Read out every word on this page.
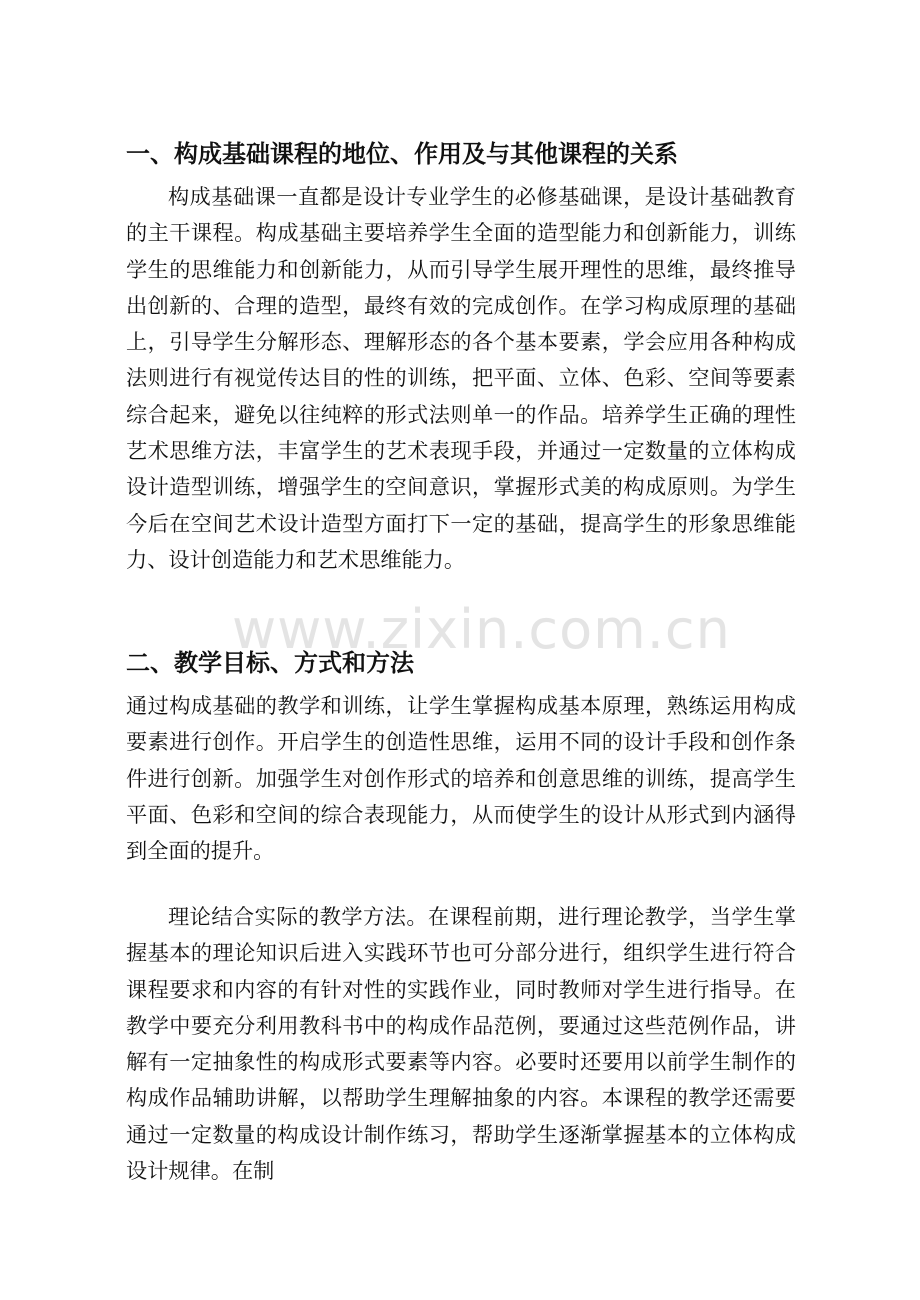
www.zixin.com.cn
一、构成基础课程的地位、作用及与其他课程的关系

构成基础课一直都是设计专业学生的必修基础课，是设计基础教育的主干课程。构成基础主要培养学生全面的造型能力和创新能力，训练学生的思维能力和创新能力，从而引导学生展开理性的思维，最终推导出创新的、合理的造型，最终有效的完成创作。在学习构成原理的基础上，引导学生分解形态、理解形态的各个基本要素，学会应用各种构成法则进行有视觉传达目的性的训练，把平面、立体、色彩、空间等要素综合起来，避免以往纯粹的形式法则单一的作品。培养学生正确的理性艺术思维方法，丰富学生的艺术表现手段，并通过一定数量的立体构成设计造型训练，增强学生的空间意识，掌握形式美的构成原则。为学生今后在空间艺术设计造型方面打下一定的基础，提高学生的形象思维能力、设计创造能力和艺术思维能力。

二、教学目标、方式和方法

通过构成基础的教学和训练，让学生掌握构成基本原理，熟练运用构成要素进行创作。开启学生的创造性思维，运用不同的设计手段和创作条件进行创新。加强学生对创作形式的培养和创意思维的训练，提高学生平面、色彩和空间的综合表现能力，从而使学生的设计从形式到内涵得到全面的提升。

理论结合实际的教学方法。在课程前期，进行理论教学，当学生掌握基本的理论知识后进入实践环节也可分部分进行，组织学生进行符合课程要求和内容的有针对性的实践作业，同时教师对学生进行指导。在教学中要充分利用教科书中的构成作品范例，要通过这些范例作品，讲解有一定抽象性的构成形式要素等内容。必要时还要用以前学生制作的构成作品辅助讲解，以帮助学生理解抽象的内容。本课程的教学还需要通过一定数量的构成设计制作练习，帮助学生逐渐掌握基本的立体构成设计规律。在制
